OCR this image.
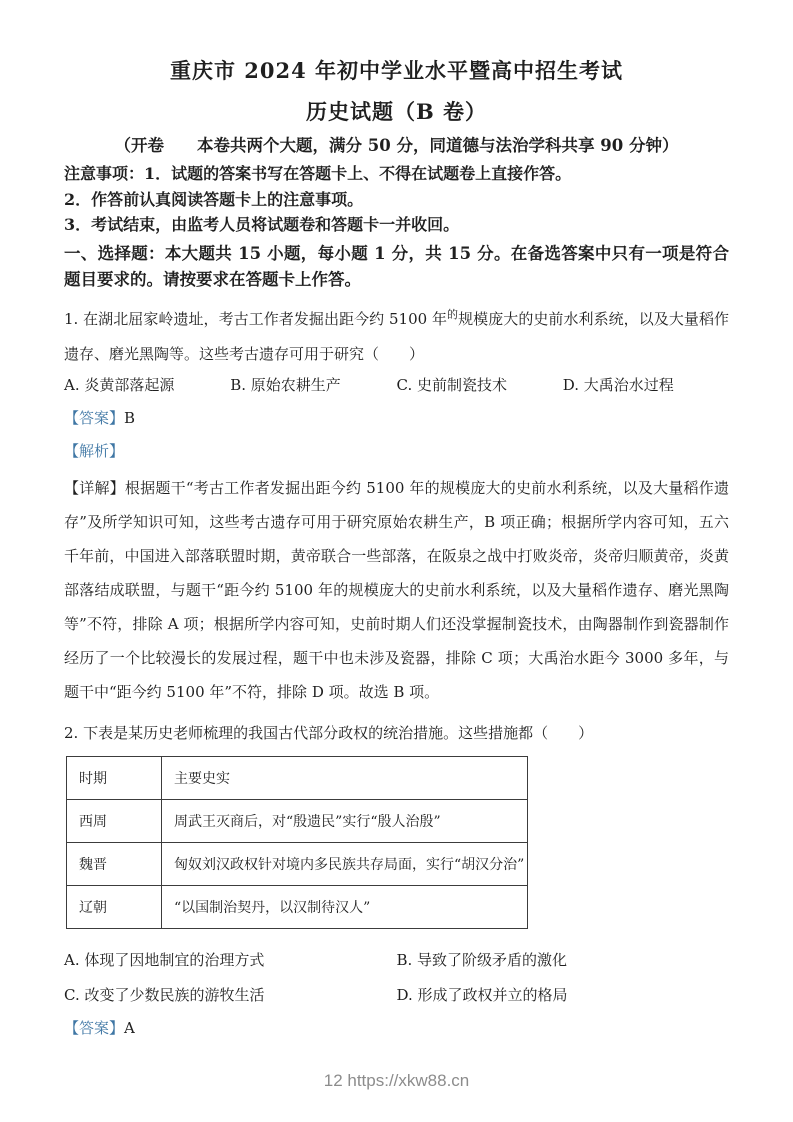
重庆市 2024 年初中学业水平暨高中招生考试
历史试题（B 卷）
（开卷　　本卷共两个大题，满分 50 分，同道德与法治学科共享 90 分钟）
注意事项：1．试题的答案书写在答题卡上、不得在试题卷上直接作答。
2．作答前认真阅读答题卡上的注意事项。
3．考试结束，由监考人员将试题卷和答题卡一并收回。
一、选择题：本大题共 15 小题，每小题 1 分，共 15 分。在备选答案中只有一项是符合题目要求的。请按要求在答题卡上作答。
1. 在湖北屈家岭遗址，考古工作者发掘出距今约 5100 年$^的$规模庞大的史前水利系统，以及大量稻作遗存、磨光黑陶等。这些考古遗存可用于研究（　　）
A. 炎黄部落起源	B. 原始农耕生产	C. 史前制瓷技术	D. 大禹治水过程
【答案】B
【解析】
【详解】根据题干“考古工作者发掘出距今约 5100 年的规模庞大的史前水利系统，以及大量稻作遗存”及所学知识可知，这些考古遗存可用于研究原始农耕生产，B 项正确；根据所学内容可知，五六千年前，中国进入部落联盟时期，黄帝联合一些部落，在阪泉之战中打败炎帝，炎帝归顺黄帝，炎黄部落结成联盟，与题干“距今约 5100 年的规模庞大的史前水利系统，以及大量稻作遗存、磨光黑陶等”不符，排除 A 项；根据所学内容可知，史前时期人们还没掌握制瓷技术，由陶器制作到瓷器制作经历了一个比较漫长的发展过程，题干中也未涉及瓷器，排除 C 项；大禹治水距今 3000 多年，与题干中“距今约 5100 年”不符，排除 D 项。故选 B 项。
2. 下表是某历史老师梳理的我国古代部分政权的统治措施。这些措施都（　　）
时期	主要史实
西周	周武王灭商后，对“殷遗民”实行“殷人治殷”
魏晋	匈奴刘汉政权针对境内多民族共存局面，实行“胡汉分治”
辽朝	“以国制治契丹，以汉制待汉人”
A. 体现了因地制宜的治理方式	B. 导致了阶级矛盾的激化
C. 改变了少数民族的游牧生活	D. 形成了政权并立的格局
【答案】A
12 https://xkw88.cn
